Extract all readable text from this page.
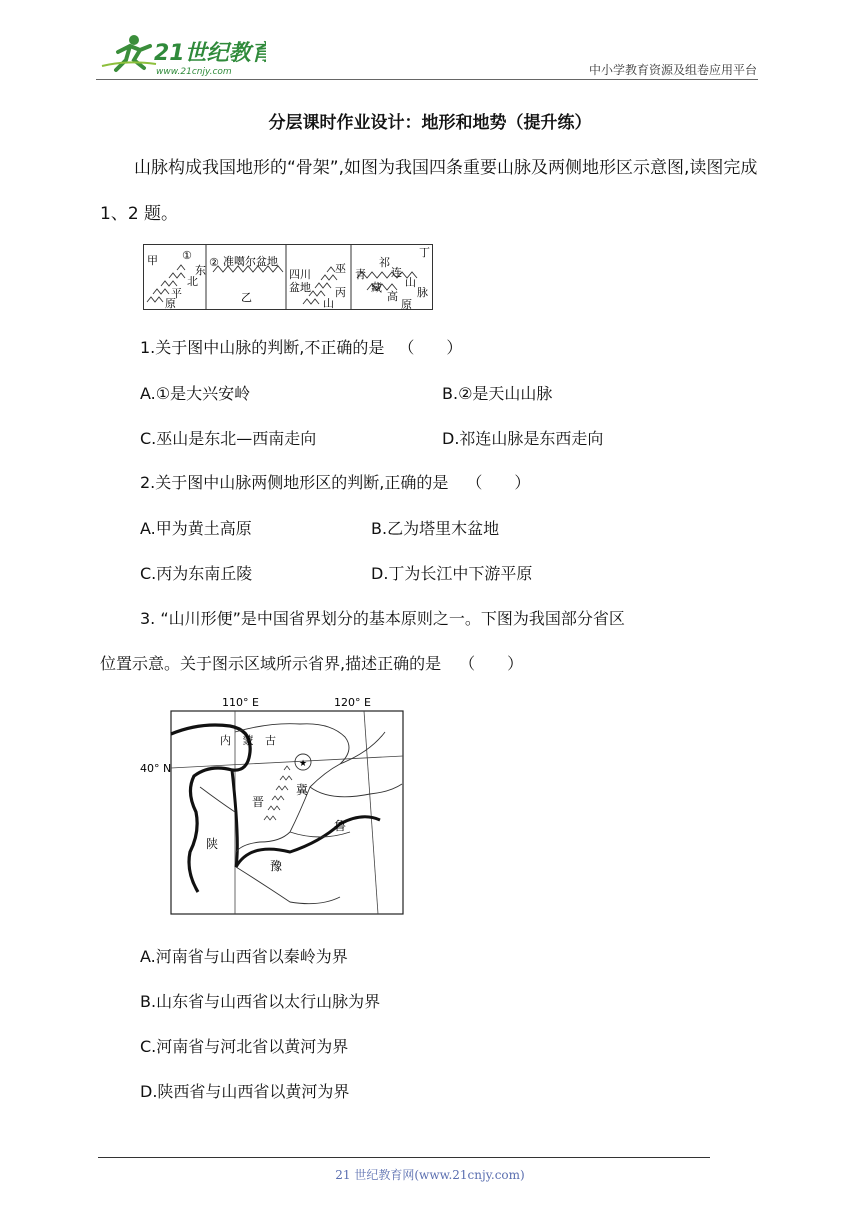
21世纪教育
www.21cnjy.com	中小学教育资源及组卷应用平台
分层课时作业设计：地形和地势（提升练）
山脉构成我国地形的“骨架”,如图为我国四条重要山脉及两侧地形区示意图,读图完成 1、2 题。
甲 ①
东
北
平
原
② 准噶尔盆地
乙
四川
盆地
巫
丙
山
丁
祁
连
山
脉
青
藏
高
原
1.关于图中山脉的判断,不正确的是 （　　）
A.①是大兴安岭	B.②是天山山脉
C.巫山是东北—西南走向	D.祁连山脉是东西走向
2.关于图中山脉两侧地形区的判断,正确的是 （　　）
A.甲为黄土高原	B.乙为塔里木盆地
C.丙为东南丘陵	D.丁为长江中下游平原
3. “山川形便”是中国省界划分的基本原则之一。下图为我国部分省区
位置示意。关于图示区域所示省界,描述正确的是 （　　）
110° E	120° E
40° N	★
内 蒙 古
冀
晋
鲁
陕
豫
A.河南省与山西省以秦岭为界
B.山东省与山西省以太行山脉为界
C.河南省与河北省以黄河为界
D.陕西省与山西省以黄河为界
21 世纪教育网(www.21cnjy.com)
